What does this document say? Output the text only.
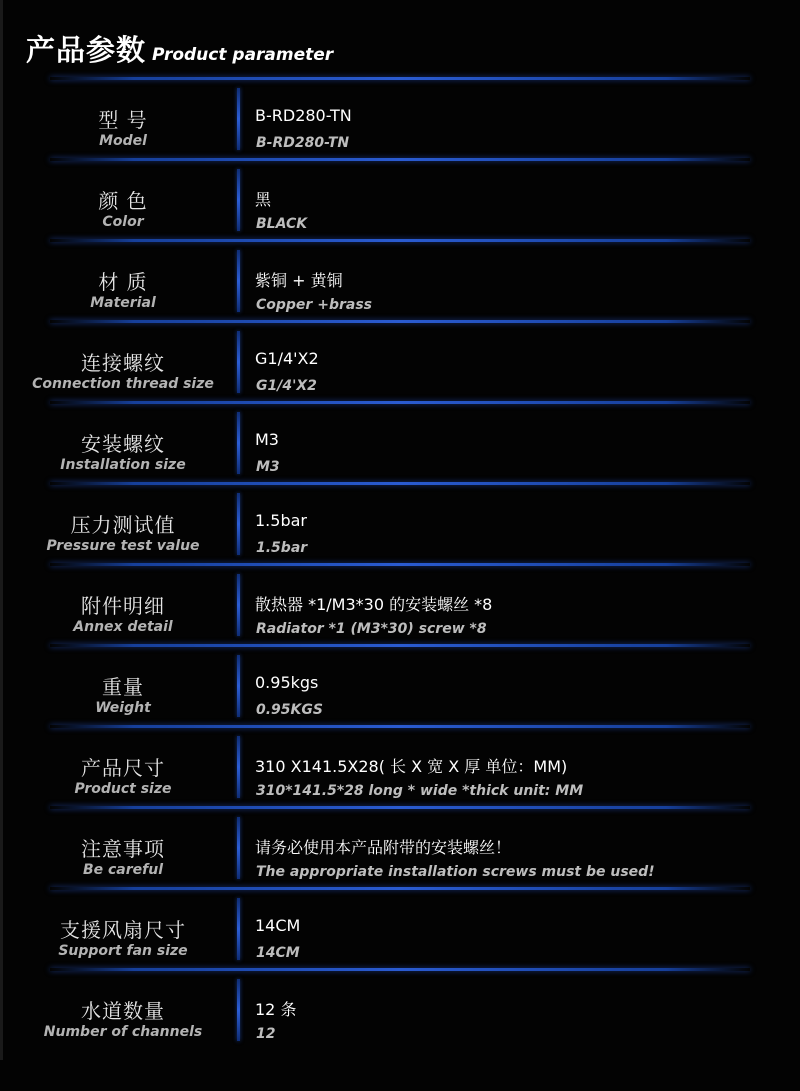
产品参数 Product parameter
型 号
Model
B-RD280-TN
B-RD280-TN
颜 色
Color
黑
BLACK
材 质
Material
紫铜 + 黄铜
Copper +brass
连接螺纹
Connection thread size
G1/4'X2
G1/4'X2
安装螺纹
Installation size
M3
M3
压力测试值
Pressure test value
1.5bar
1.5bar
附件明细
Annex detail
散热器 *1/M3*30 的安装螺丝 *8
Radiator *1 (M3*30) screw *8
重量
Weight
0.95kgs
0.95KGS
产品尺寸
Product size
310 X141.5X28( 长 X 宽 X 厚 单位：MM)
310*141.5*28 long * wide *thick unit: MM
注意事项
Be careful
请务必使用本产品附带的安装螺丝！
The appropriate installation screws must be used!
支援风扇尺寸
Support fan size
14CM
14CM
水道数量
Number of channels
12 条
12
